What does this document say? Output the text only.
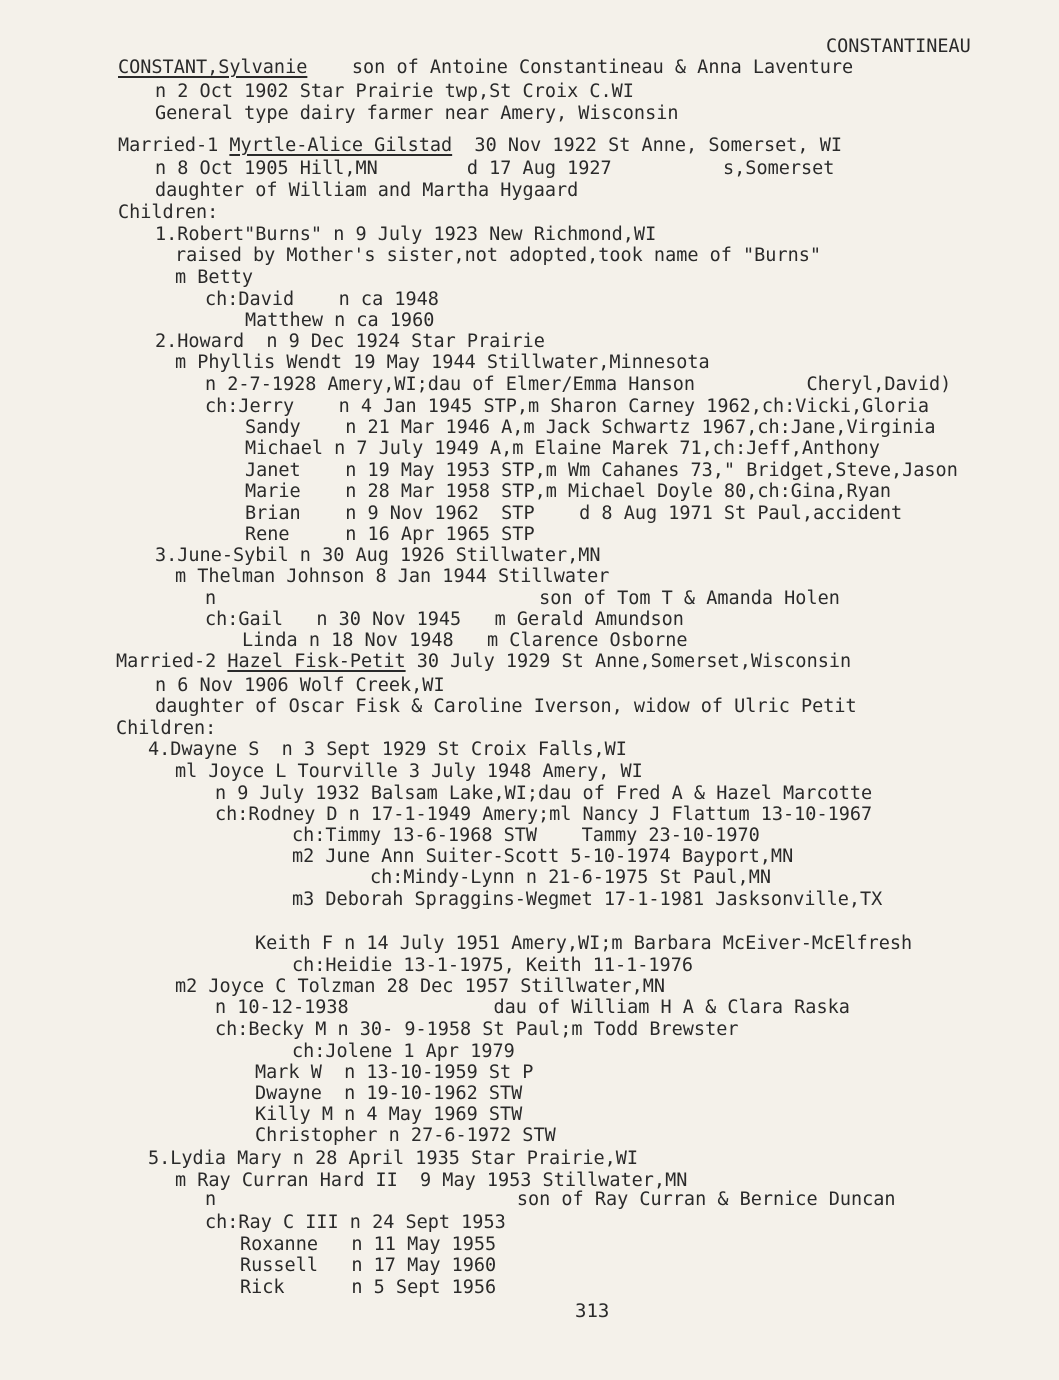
CONSTANTINEAU
CONSTANT,Sylvanie    son of Antoine Constantineau & Anna Laventure
n 2 Oct 1902 Star Prairie twp,St Croix C.WI
General type dairy farmer near Amery, Wisconsin
Married-1 Myrtle-Alice Gilstad  30 Nov 1922 St Anne, Somerset, WI
n 8 Oct 1905 Hill,MN        d 17 Aug 1927          s,Somerset
daughter of William and Martha Hygaard
Children:
1.Robert"Burns" n 9 July 1923 New Richmond,WI
raised by Mother's sister,not adopted,took name of "Burns"
m Betty
ch:David    n ca 1948
Matthew n ca 1960
2.Howard  n 9 Dec 1924 Star Prairie
m Phyllis Wendt 19 May 1944 Stillwater,Minnesota
n 2-7-1928 Amery,WI;dau of Elmer/Emma Hanson          Cheryl,David)
ch:Jerry    n 4 Jan 1945 STP,m Sharon Carney 1962,ch:Vicki,Gloria
Sandy    n 21 Mar 1946 A,m Jack Schwartz 1967,ch:Jane,Virginia
Michael n 7 July 1949 A,m Elaine Marek 71,ch:Jeff,Anthony
Janet    n 19 May 1953 STP,m Wm Cahanes 73," Bridget,Steve,Jason
Marie    n 28 Mar 1958 STP,m Michael Doyle 80,ch:Gina,Ryan
Brian    n 9 Nov 1962  STP    d 8 Aug 1971 St Paul,accident
Rene     n 16 Apr 1965 STP
3.June-Sybil n 30 Aug 1926 Stillwater,MN
m Thelman Johnson 8 Jan 1944 Stillwater
n                             son of Tom T & Amanda Holen
ch:Gail   n 30 Nov 1945   m Gerald Amundson
Linda n 18 Nov 1948   m Clarence Osborne
Married-2 Hazel Fisk-Petit 30 July 1929 St Anne,Somerset,Wisconsin
n 6 Nov 1906 Wolf Creek,WI
daughter of Oscar Fisk & Caroline Iverson, widow of Ulric Petit
Children:
4.Dwayne S  n 3 Sept 1929 St Croix Falls,WI
ml Joyce L Tourville 3 July 1948 Amery, WI
n 9 July 1932 Balsam Lake,WI;dau of Fred A & Hazel Marcotte
ch:Rodney D n 17-1-1949 Amery;ml Nancy J Flattum 13-10-1967
ch:Timmy 13-6-1968 STW    Tammy 23-10-1970
m2 June Ann Suiter-Scott 5-10-1974 Bayport,MN
ch:Mindy-Lynn n 21-6-1975 St Paul,MN
m3 Deborah Spraggins-Wegmet 17-1-1981 Jasksonville,TX
Keith F n 14 July 1951 Amery,WI;m Barbara McEiver-McElfresh
ch:Heidie 13-1-1975, Keith 11-1-1976
m2 Joyce C Tolzman 28 Dec 1957 Stillwater,MN
n 10-12-1938             dau of William H A & Clara Raska
ch:Becky M n 30- 9-1958 St Paul;m Todd Brewster
ch:Jolene 1 Apr 1979
Mark W  n 13-10-1959 St P
Dwayne  n 19-10-1962 STW
Killy M n 4 May 1969 STW
Christopher n 27-6-1972 STW
5.Lydia Mary n 28 April 1935 Star Prairie,WI
m Ray Curran Hard II  9 May 1953 Stillwater,MN
n                           son of Ray Curran & Bernice Duncan
ch:Ray C III n 24 Sept 1953
Roxanne   n 11 May 1955
Russell   n 17 May 1960
Rick      n 5 Sept 1956

313
